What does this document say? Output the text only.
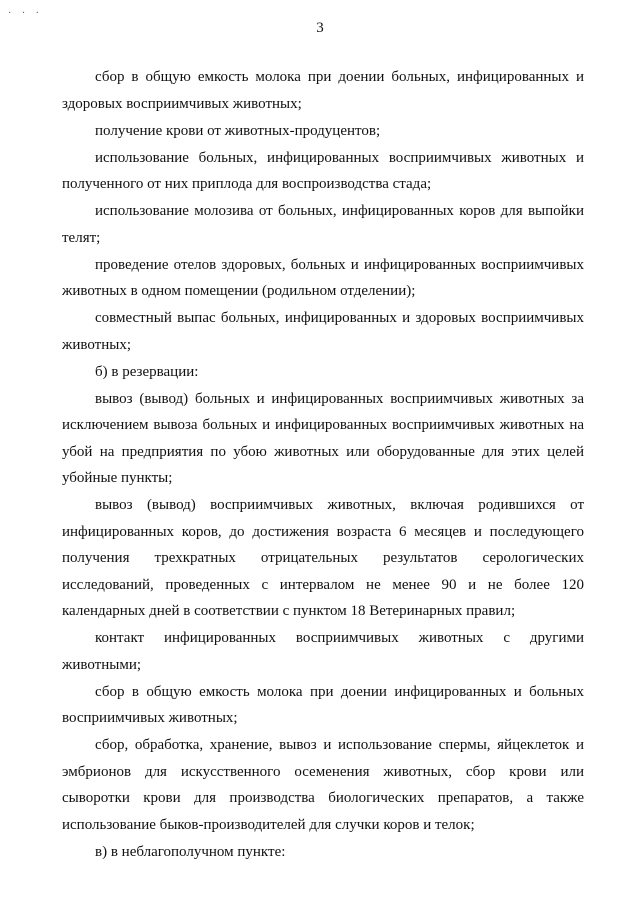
· · ·
3

сбор в общую емкость молока при доении больных, инфицированных и здоровых восприимчивых животных;

получение крови от животных-продуцентов;

использование больных, инфицированных восприимчивых животных и полученного от них приплода для воспроизводства стада;

использование молозива от больных, инфицированных коров для выпойки телят;

проведение отелов здоровых, больных и инфицированных восприимчивых животных в одном помещении (родильном отделении);

совместный выпас больных, инфицированных и здоровых восприимчивых животных;

б) в резервации:

вывоз (вывод) больных и инфицированных восприимчивых животных за исключением вывоза больных и инфицированных восприимчивых животных на убой на предприятия по убою животных или оборудованные для этих целей убойные пункты;

вывоз (вывод) восприимчивых животных, включая родившихся от инфицированных коров, до достижения возраста 6 месяцев и последующего получения трехкратных отрицательных результатов серологических исследований, проведенных с интервалом не менее 90 и не более 120 календарных дней в соответствии с пунктом 18 Ветеринарных правил;

контакт инфицированных восприимчивых животных с другими животными;

сбор в общую емкость молока при доении инфицированных и больных восприимчивых животных;

сбор, обработка, хранение, вывоз и использование спермы, яйцеклеток и эмбрионов для искусственного осеменения животных, сбор крови или сыворотки крови для производства биологических препаратов, а также использование быков-производителей для случки коров и телок;

в) в неблагополучном пункте:
